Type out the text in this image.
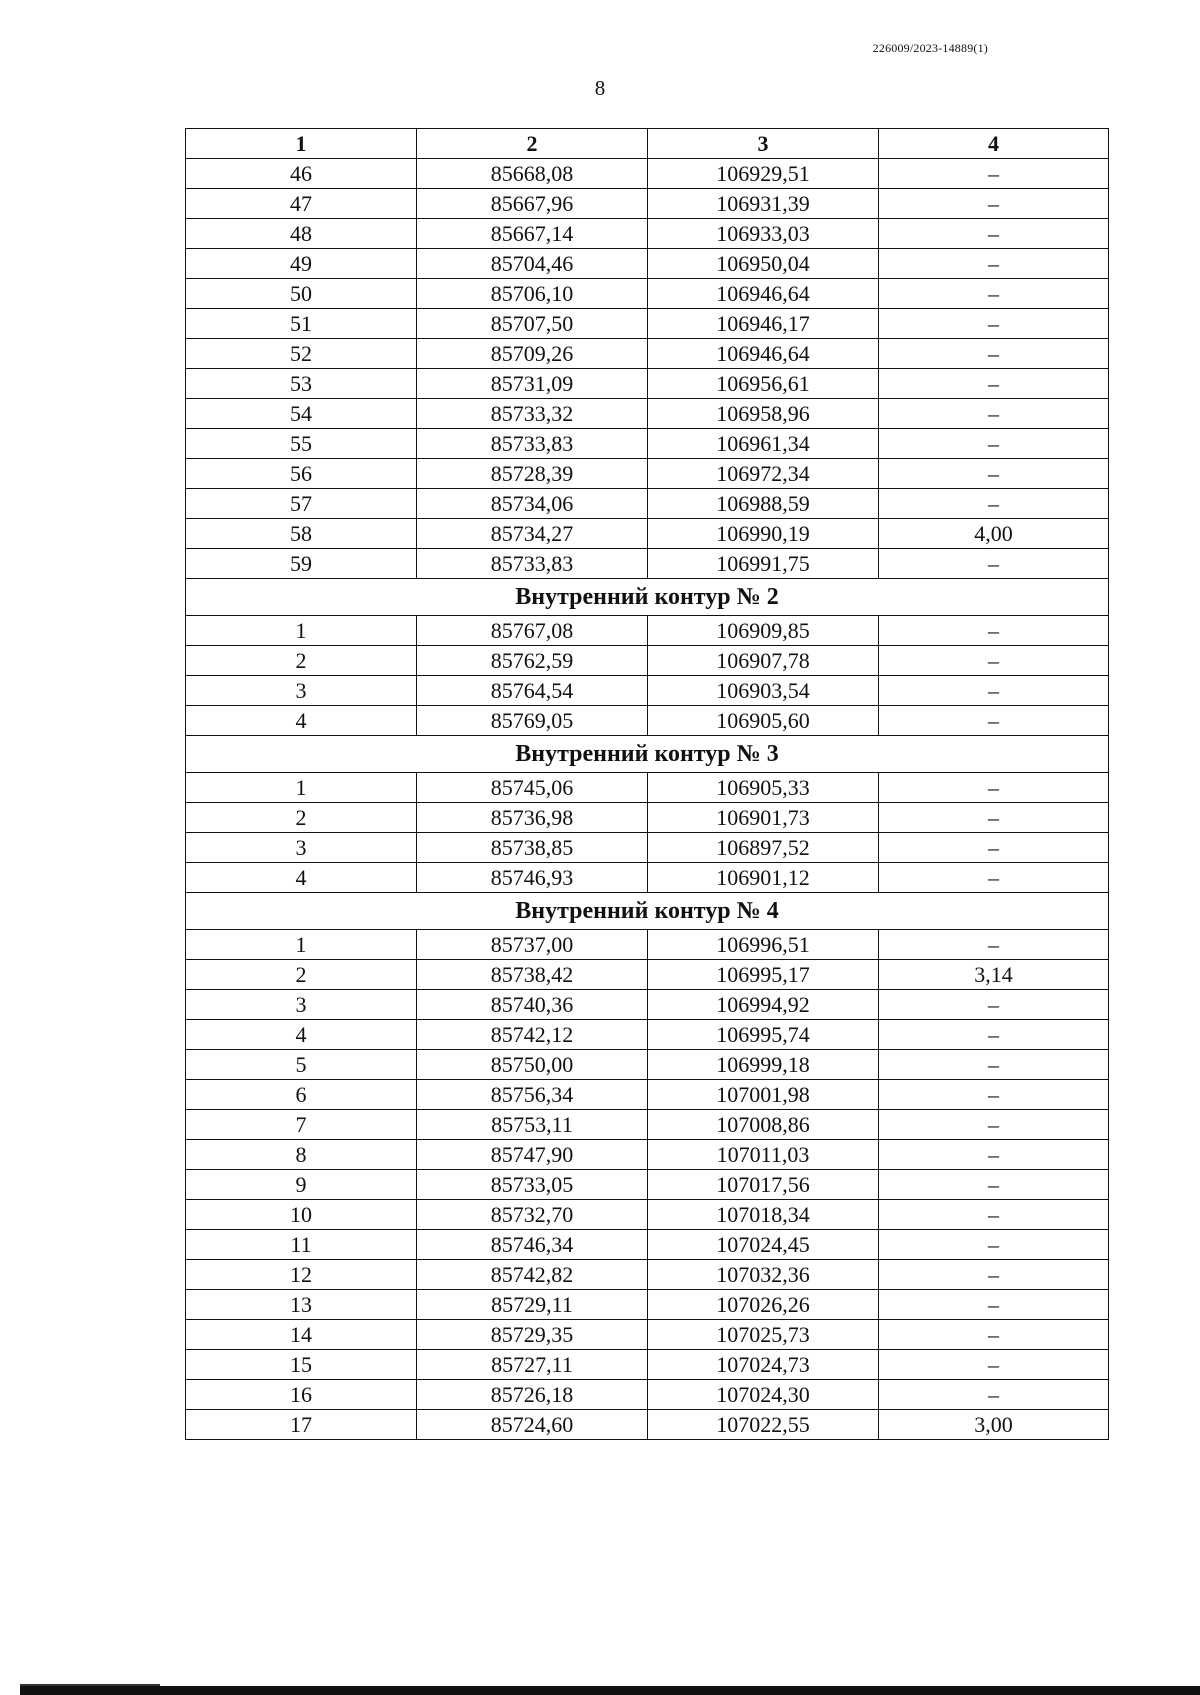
226009/2023-14889(1)
8
1	2	3	4
46	85668,08	106929,51	–
47	85667,96	106931,39	–
48	85667,14	106933,03	–
49	85704,46	106950,04	–
50	85706,10	106946,64	–
51	85707,50	106946,17	–
52	85709,26	106946,64	–
53	85731,09	106956,61	–
54	85733,32	106958,96	–
55	85733,83	106961,34	–
56	85728,39	106972,34	–
57	85734,06	106988,59	–
58	85734,27	106990,19	4,00
59	85733,83	106991,75	–
Внутренний контур № 2			
1	85767,08	106909,85	–
2	85762,59	106907,78	–
3	85764,54	106903,54	–
4	85769,05	106905,60	–
Внутренний контур № 3			
1	85745,06	106905,33	–
2	85736,98	106901,73	–
3	85738,85	106897,52	–
4	85746,93	106901,12	–
Внутренний контур № 4			
1	85737,00	106996,51	–
2	85738,42	106995,17	3,14
3	85740,36	106994,92	–
4	85742,12	106995,74	–
5	85750,00	106999,18	–
6	85756,34	107001,98	–
7	85753,11	107008,86	–
8	85747,90	107011,03	–
9	85733,05	107017,56	–
10	85732,70	107018,34	–
11	85746,34	107024,45	–
12	85742,82	107032,36	–
13	85729,11	107026,26	–
14	85729,35	107025,73	–
15	85727,11	107024,73	–
16	85726,18	107024,30	–
17	85724,60	107022,55	3,00
